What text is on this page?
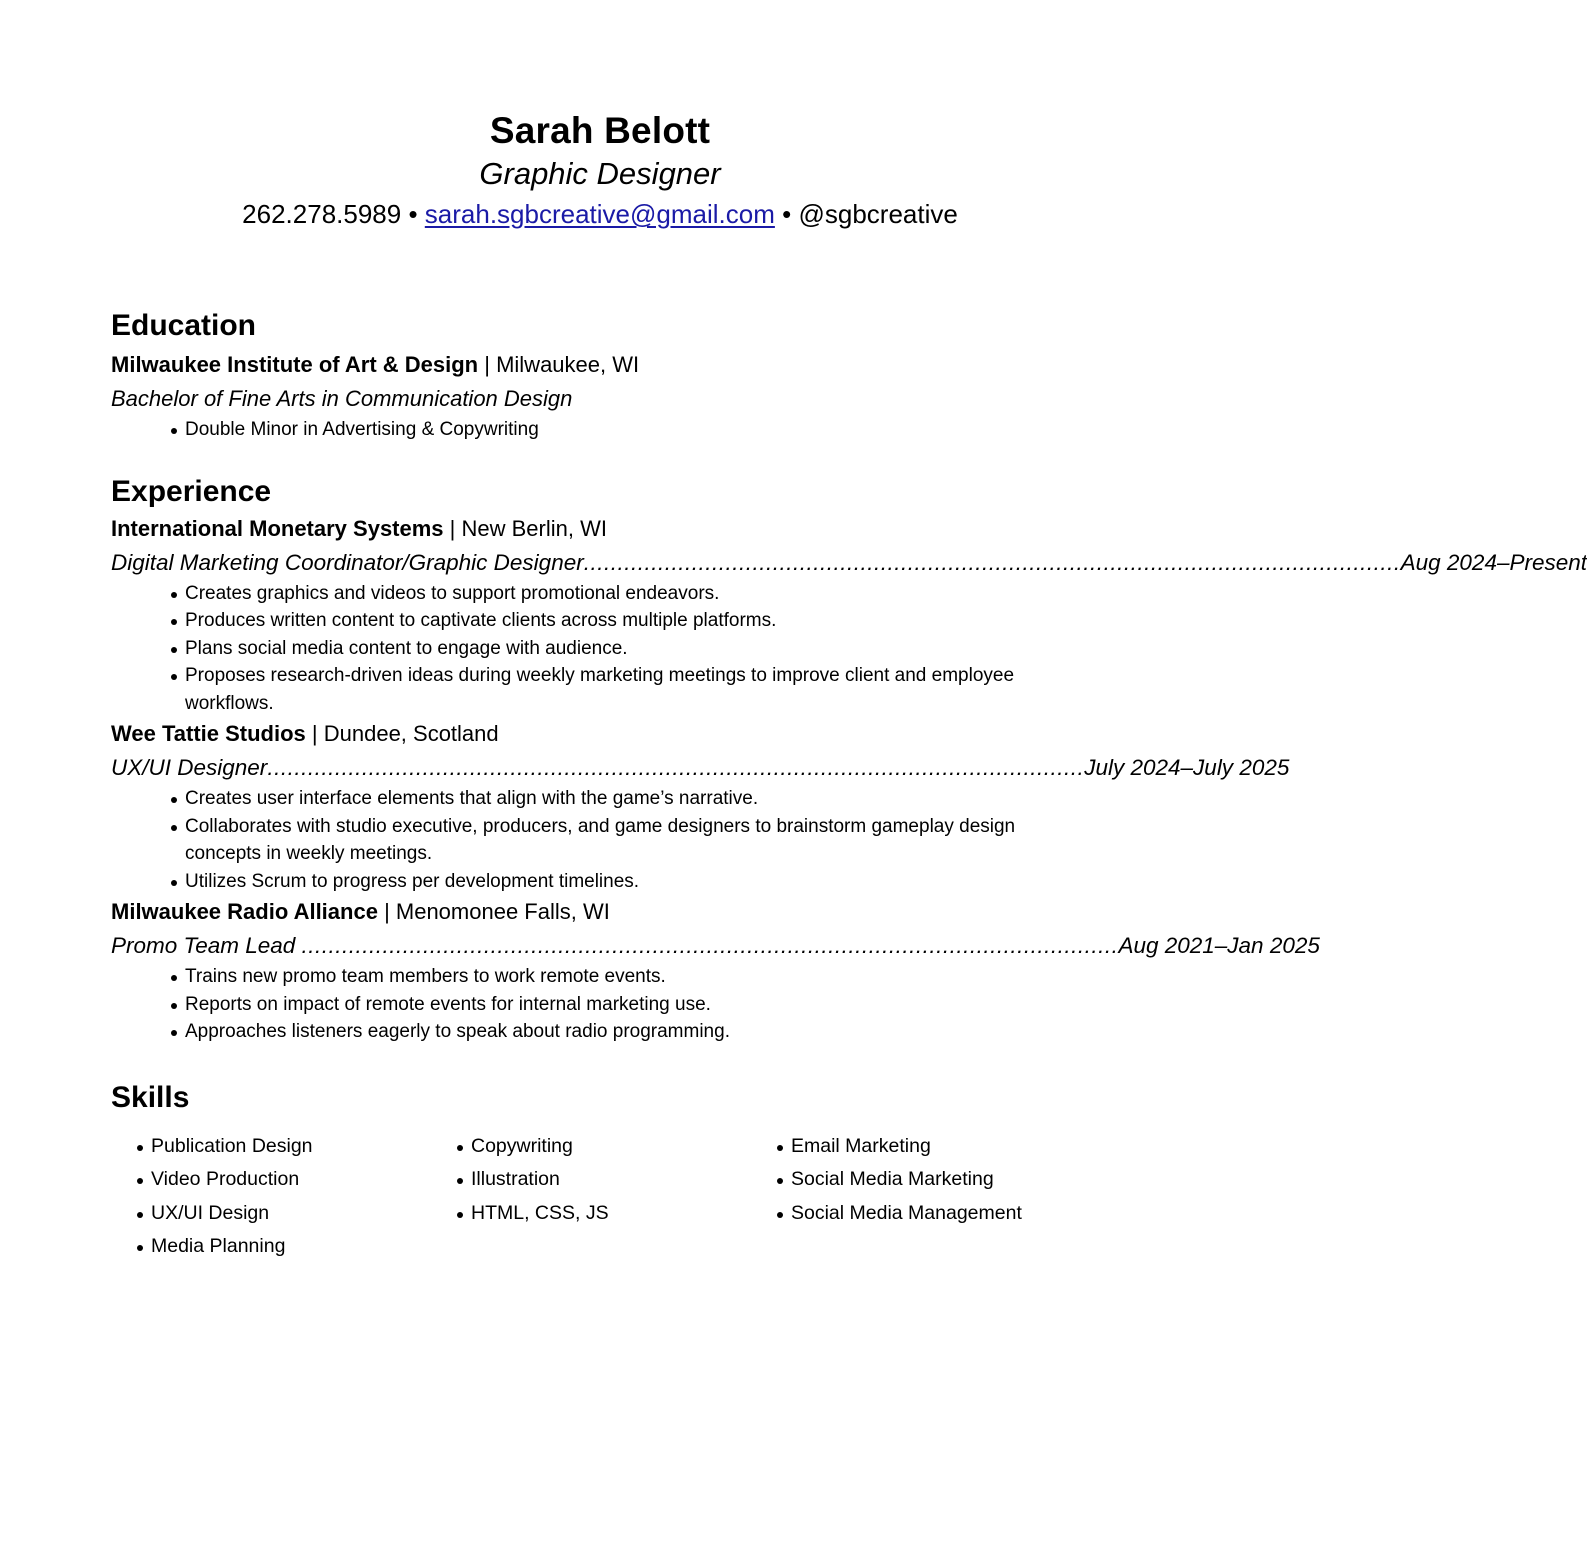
Sarah Belott
Graphic Designer
262.278.5989 • sarah.sgbcreative@gmail.com • @sgbcreative
Education
Milwaukee Institute of Art & Design | Milwaukee, WI
Bachelor of Fine Arts in Communication Design
Double Minor in Advertising & Copywriting
Experience
International Monetary Systems | New Berlin, WI
Digital Marketing Coordinator/Graphic Designer ......................................................................................................................... Aug 2024–Present
Creates graphics and videos to support promotional endeavors.
Produces written content to captivate clients across multiple platforms.
Plans social media content to engage with audience.
Proposes research-driven ideas during weekly marketing meetings to improve client and employee workflows.
Wee Tattie Studios | Dundee, Scotland
UX/UI Designer ......................................................................................................................... July 2024–July 2025
Creates user interface elements that align with the game’s narrative.
Collaborates with studio executive, producers, and game designers to brainstorm gameplay design concepts in weekly meetings.
Utilizes Scrum to progress per development timelines.
Milwaukee Radio Alliance | Menomonee Falls, WI
Promo Team Lead ......................................................................................................................... Aug 2021–Jan 2025
Trains new promo team members to work remote events.
Reports on impact of remote events for internal marketing use.
Approaches listeners eagerly to speak about radio programming.
Skills
Publication Design
Video Production
UX/UI Design
Media Planning
Copywriting
Illustration
HTML, CSS, JS
Email Marketing
Social Media Marketing
Social Media Management
